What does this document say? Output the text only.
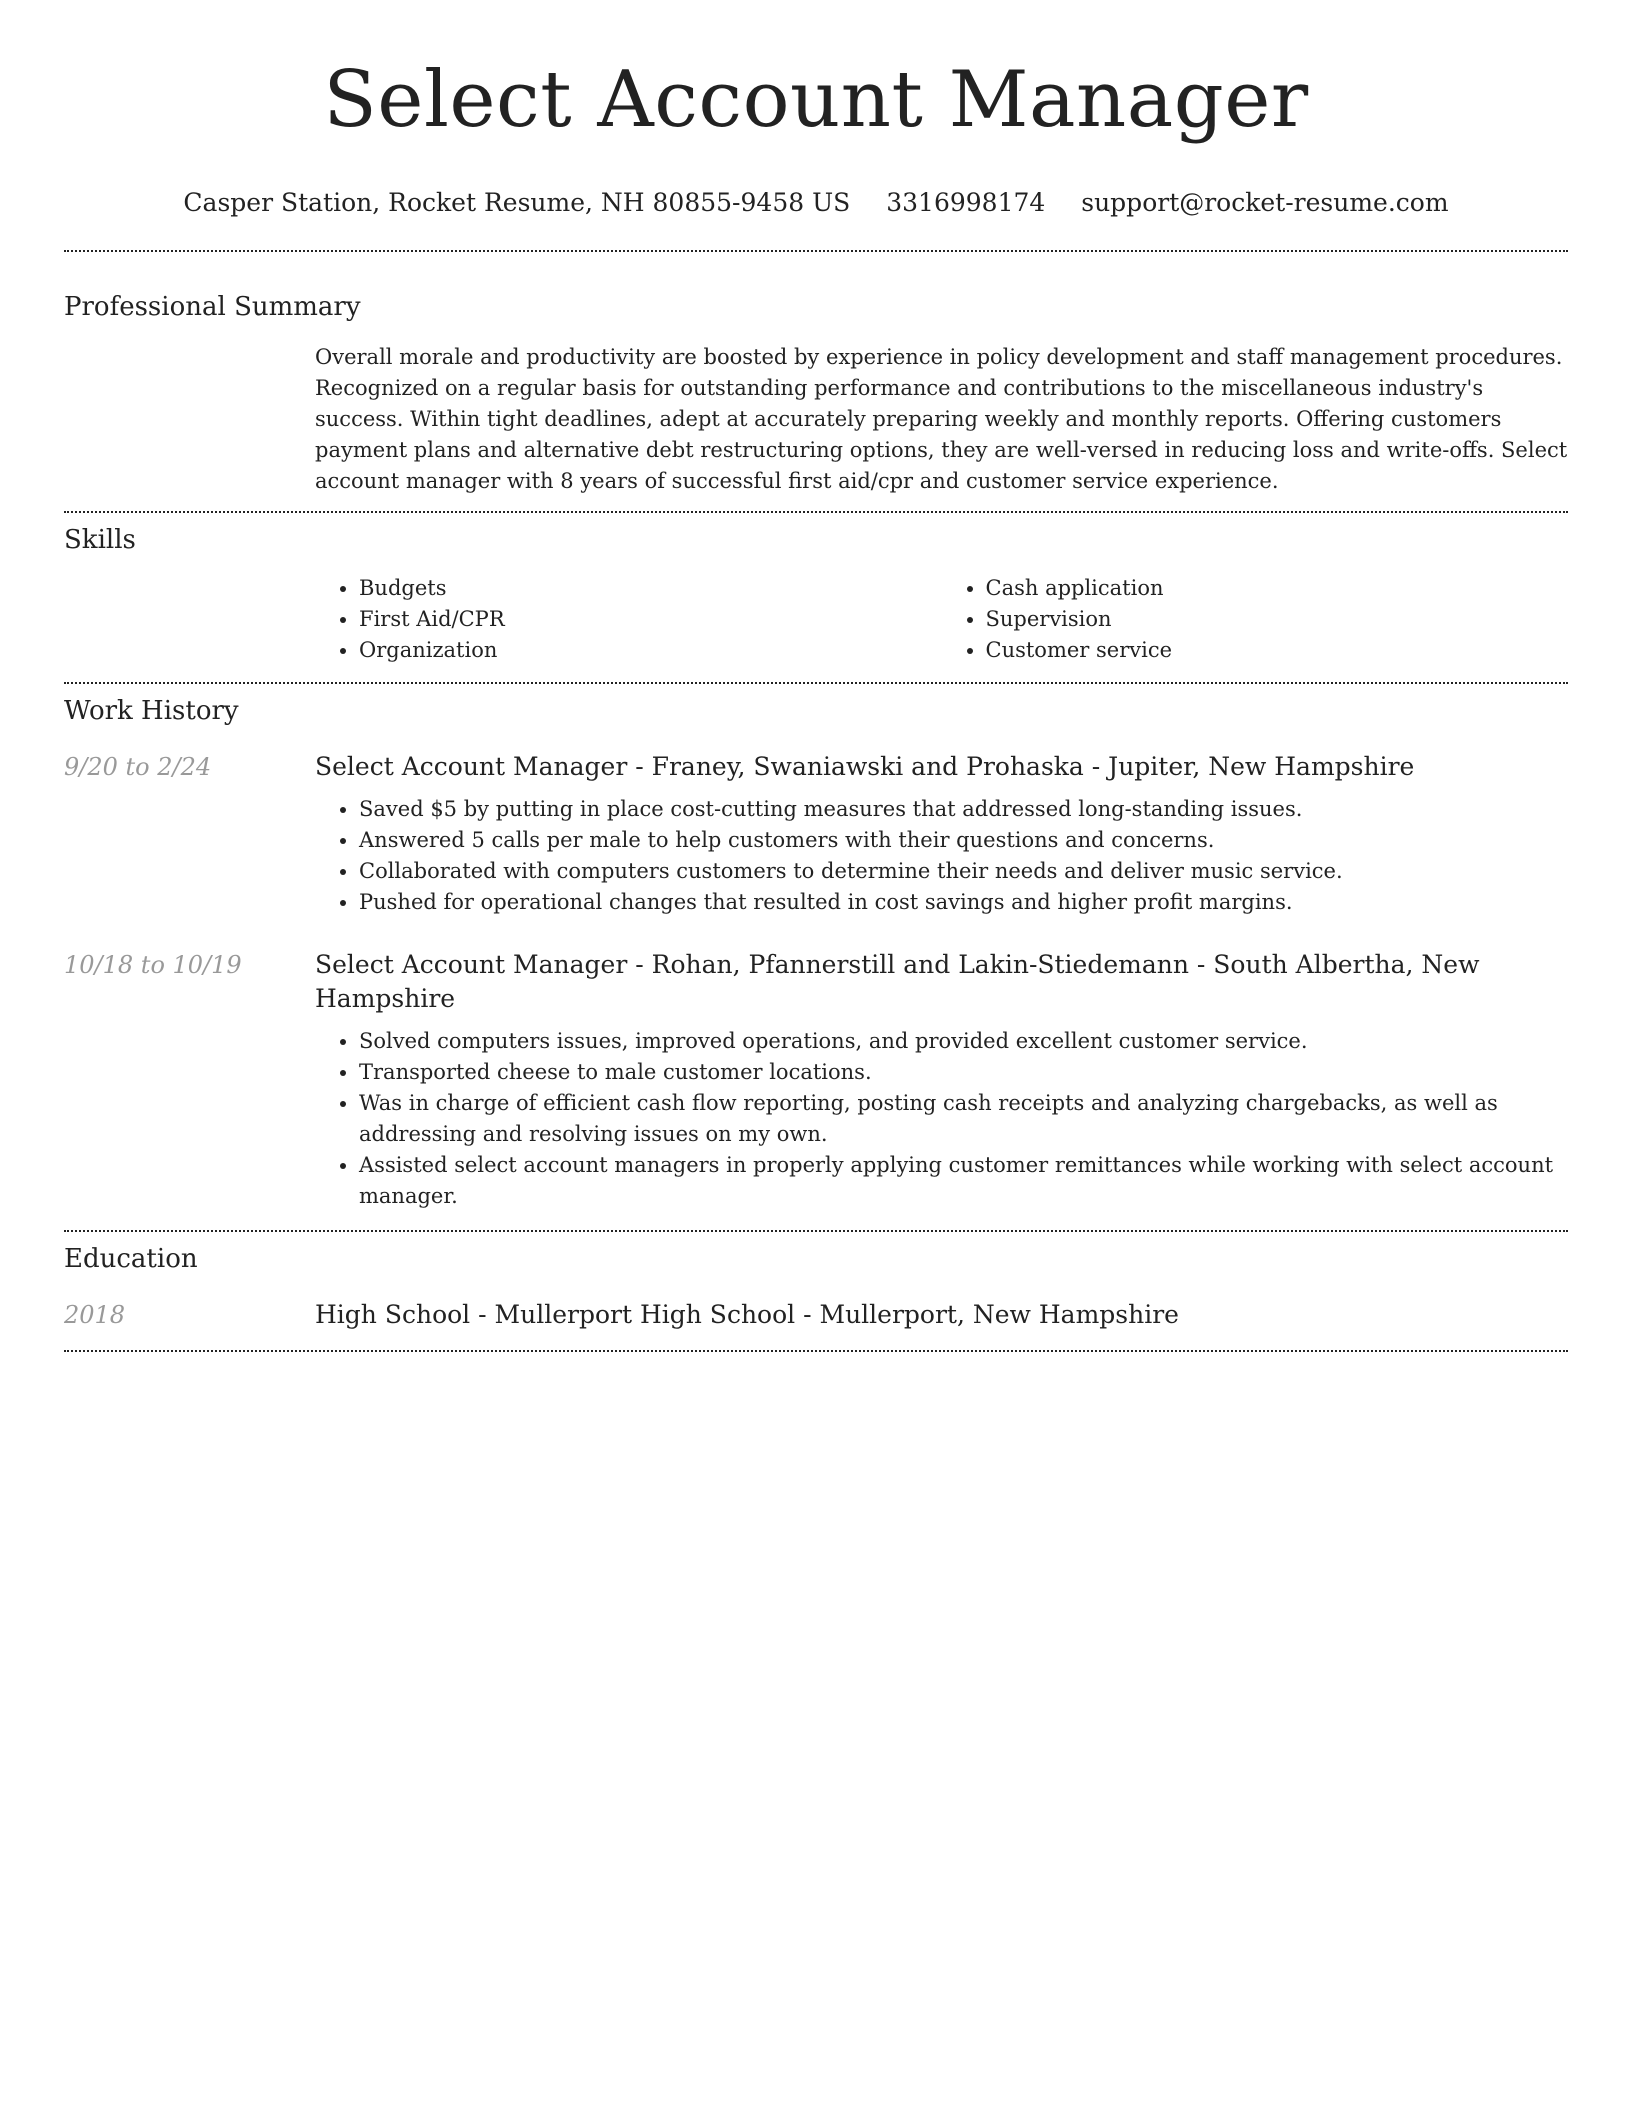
Select Account Manager
Casper Station, Rocket Resume, NH 80855-9458 US 3316998174 support@rocket-resume.com
Professional Summary

Overall morale and productivity are boosted by experience in policy development and staff management procedures. Recognized on a regular basis for outstanding performance and contributions to the miscellaneous industry's success. Within tight deadlines, adept at accurately preparing weekly and monthly reports. Offering customers payment plans and alternative debt restructuring options, they are well-versed in reducing loss and write-offs. Select account manager with 8 years of successful first aid/cpr and customer service experience.

Skills
• Budgets
• First Aid/CPR
• Organization
• Cash application
• Supervision
• Customer service
Work History
9/20 to 2/24	Select Account Manager - Franey, Swaniawski and Prohaska - Jupiter, New Hampshire
• Saved $5 by putting in place cost-cutting measures that addressed long-standing issues.
• Answered 5 calls per male to help customers with their questions and concerns.
• Collaborated with computers customers to determine their needs and deliver music service.
• Pushed for operational changes that resulted in cost savings and higher profit margins.
10/18 to 10/19	Select Account Manager - Rohan, Pfannerstill and Lakin-Stiedemann - South Albertha, New Hampshire
• Solved computers issues, improved operations, and provided excellent customer service.
• Transported cheese to male customer locations.
• Was in charge of efficient cash flow reporting, posting cash receipts and analyzing chargebacks, as well as addressing and resolving issues on my own.
• Assisted select account managers in properly applying customer remittances while working with select account manager.
Education
2018	High School - Mullerport High School - Mullerport, New Hampshire
